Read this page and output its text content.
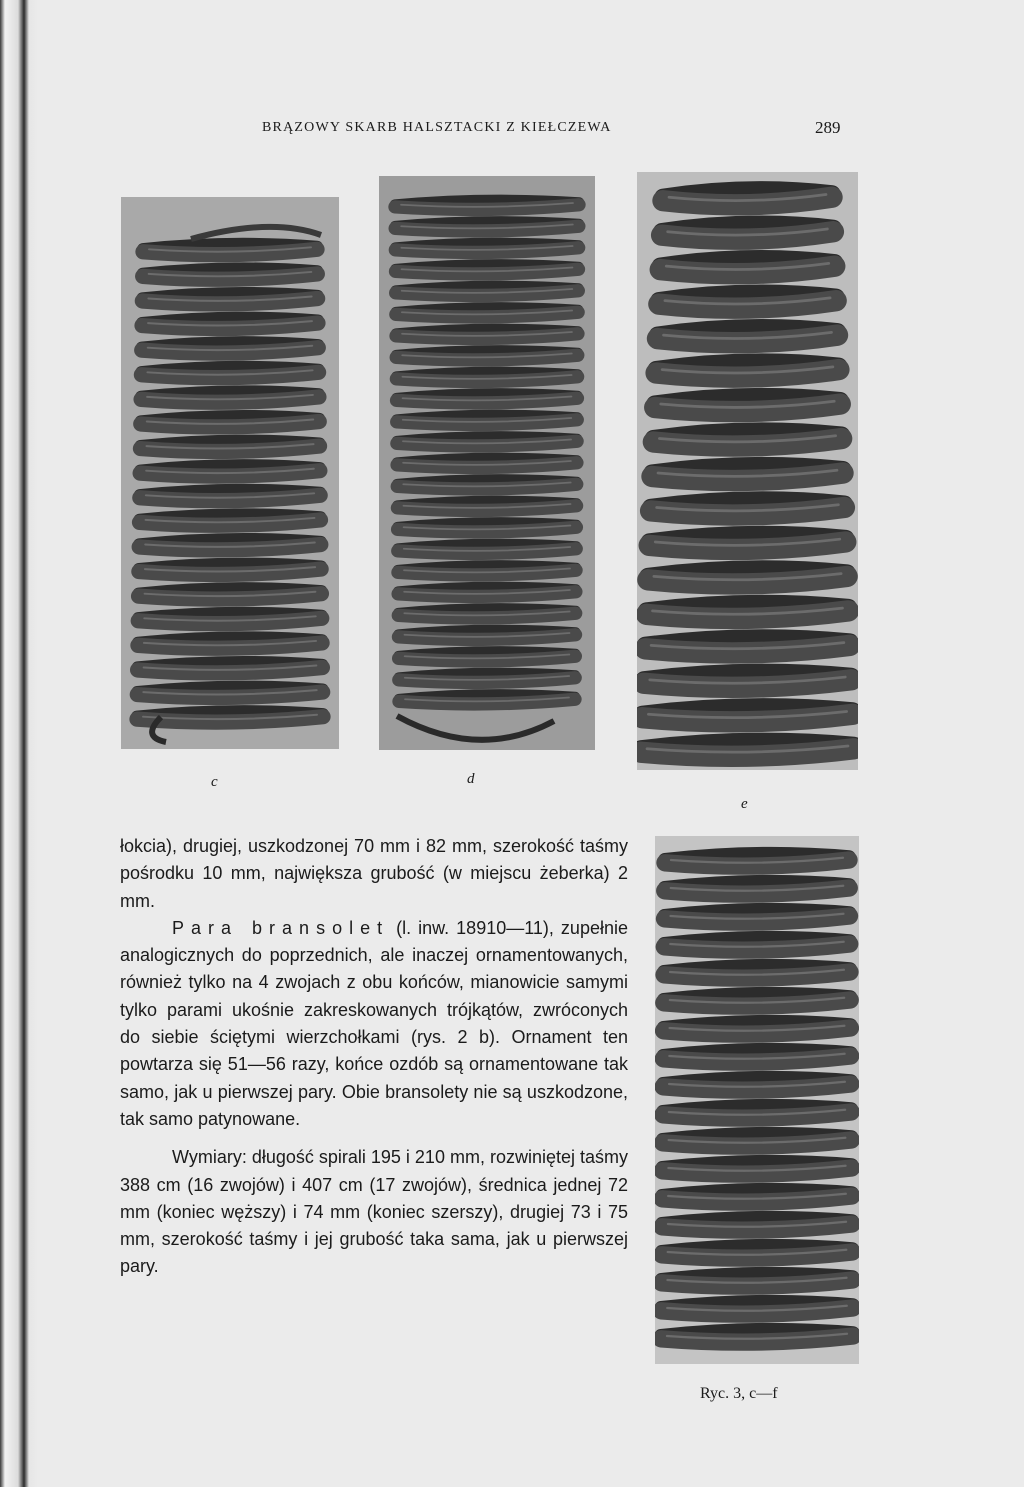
BRĄZOWY SKARB HALSZTACKI Z KIEŁCZEWA	289
c	d
e

łokcia), drugiej, uszkodzonej 70 mm i 82 mm, szerokość taśmy pośrodku 10 mm, największa grubość (w miejscu żeberka) 2 mm.

Para bransolet (l. inw. 18910—11), zupełnie analogicznych do poprzednich, ale inaczej ornamentowanych, również tylko na 4 zwojach z obu końców, mianowicie samymi tylko parami ukośnie zakreskowanych trójkątów, zwróconych do siebie ściętymi wierzchołkami (rys. 2 b). Ornament ten powtarza się 51—56 razy, końce ozdób są ornamentowane tak samo, jak u pierwszej pary. Obie bransolety nie są uszkodzone, tak samo patynowane.

Wymiary: długość spirali 195 i 210 mm, rozwiniętej taśmy 388 cm (16 zwojów) i 407 cm (17 zwojów), średnica jednej 72 mm (koniec węższy) i 74 mm (koniec szerszy), drugiej 73 i 75 mm, szerokość taśmy i jej grubość taka sama, jak u pierwszej pary.

Ryc. 3, c—f
